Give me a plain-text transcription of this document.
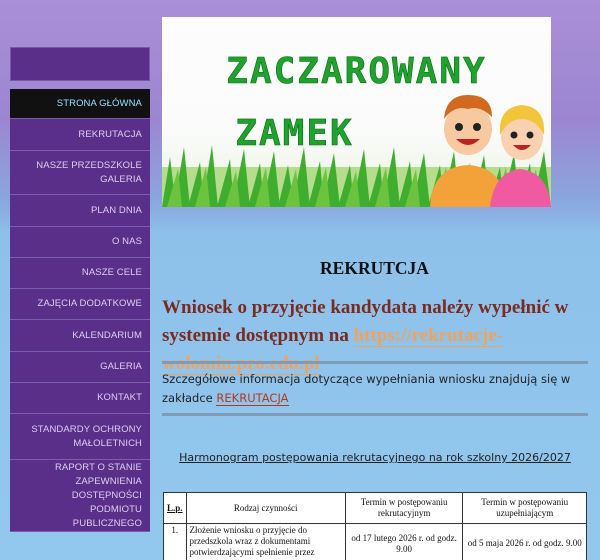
STRONA GŁÓWNA
REKRUTACJA
NASZE PRZEDSZKOLE
GALERIA
PLAN DNIA
O NAS
NASZE CELE
ZAJĘCIA DODATKOWE
KALENDARIUM
GALERIA
KONTAKT
STANDARDY OCHRONY
MAŁOLETNICH
RAPORT O STANIE
ZAPEWNIENIA
DOSTĘPNOŚCI PODMIOTU
PUBLICZNEGO
ZACZAROWANY
ZAMEK
REKRUTCJA
Wniosek o przyjęcie kandydata należy wypełnić w systemie dostępnym na https://rekrutacje-
Szczegółowe informacja dotyczące wypełniania wniosku znajdują się w zakładce REKRUTACJA
Harmonogram postępowania rekrutacyjnego na rok szkolny 2026/2027
L.p.	Rodzaj czynności	Termin w postępowaniu rekrutacyjnym	Termin w postępowaniu uzupełniającym
1.	Złożenie wniosku o przyjęcie do przedszkola wraz z dokumentami potwierdzającymi spełnienie przez	od 17 lutego 2026 r. od godz. 9.00	od 5 maja 2026 r. od godz. 9.00
